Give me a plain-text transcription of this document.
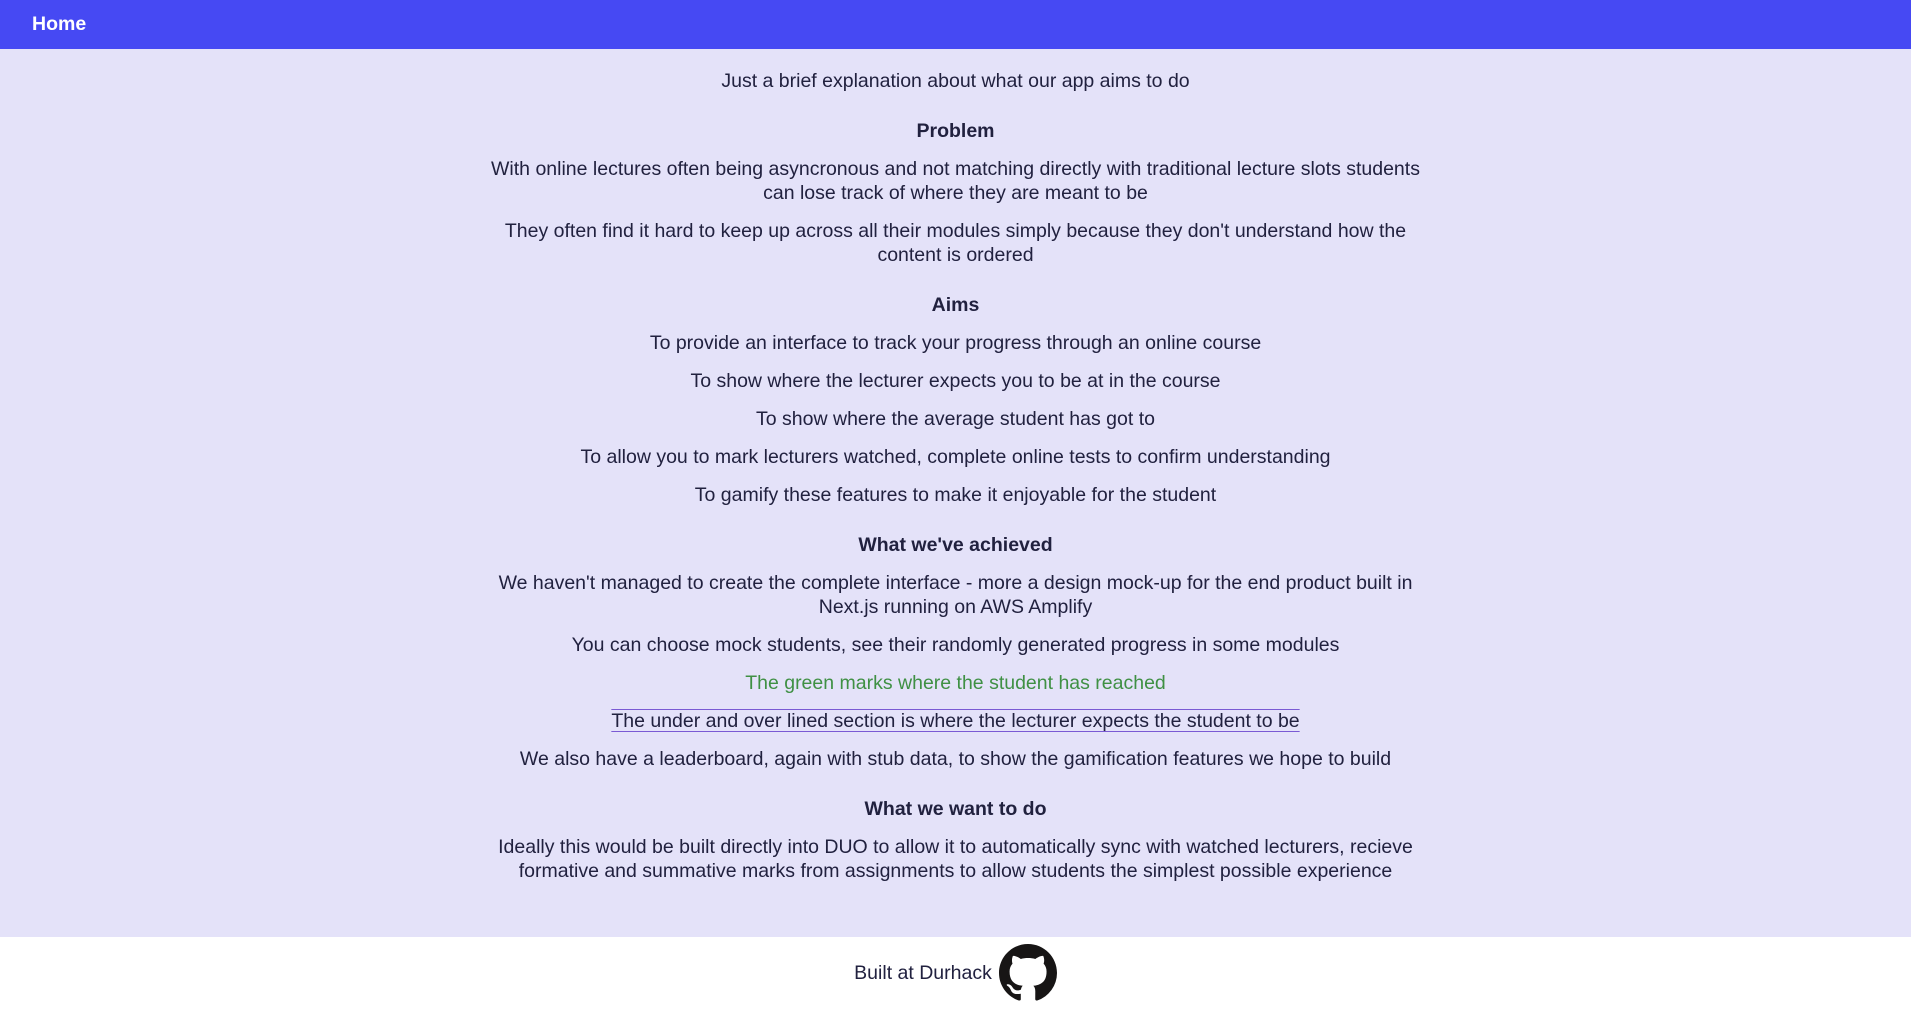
Home

Just a brief explanation about what our app aims to do

Problem

With online lectures often being asyncronous and not matching directly with traditional lecture slots students can lose track of where they are meant to be

They often find it hard to keep up across all their modules simply because they don't understand how the content is ordered

Aims

To provide an interface to track your progress through an online course

To show where the lecturer expects you to be at in the course

To show where the average student has got to

To allow you to mark lecturers watched, complete online tests to confirm understanding

To gamify these features to make it enjoyable for the student

What we've achieved

We haven't managed to create the complete interface - more a design mock-up for the end product built in Next.js running on AWS Amplify

You can choose mock students, see their randomly generated progress in some modules

The green marks where the student has reached

The under and over lined section is where the lecturer expects the student to be

We also have a leaderboard, again with stub data, to show the gamification features we hope to build

What we want to do

Ideally this would be built directly into DUO to allow it to automatically sync with watched lecturers, recieve formative and summative marks from assignments to allow students the simplest possible experience

Built at Durhack
